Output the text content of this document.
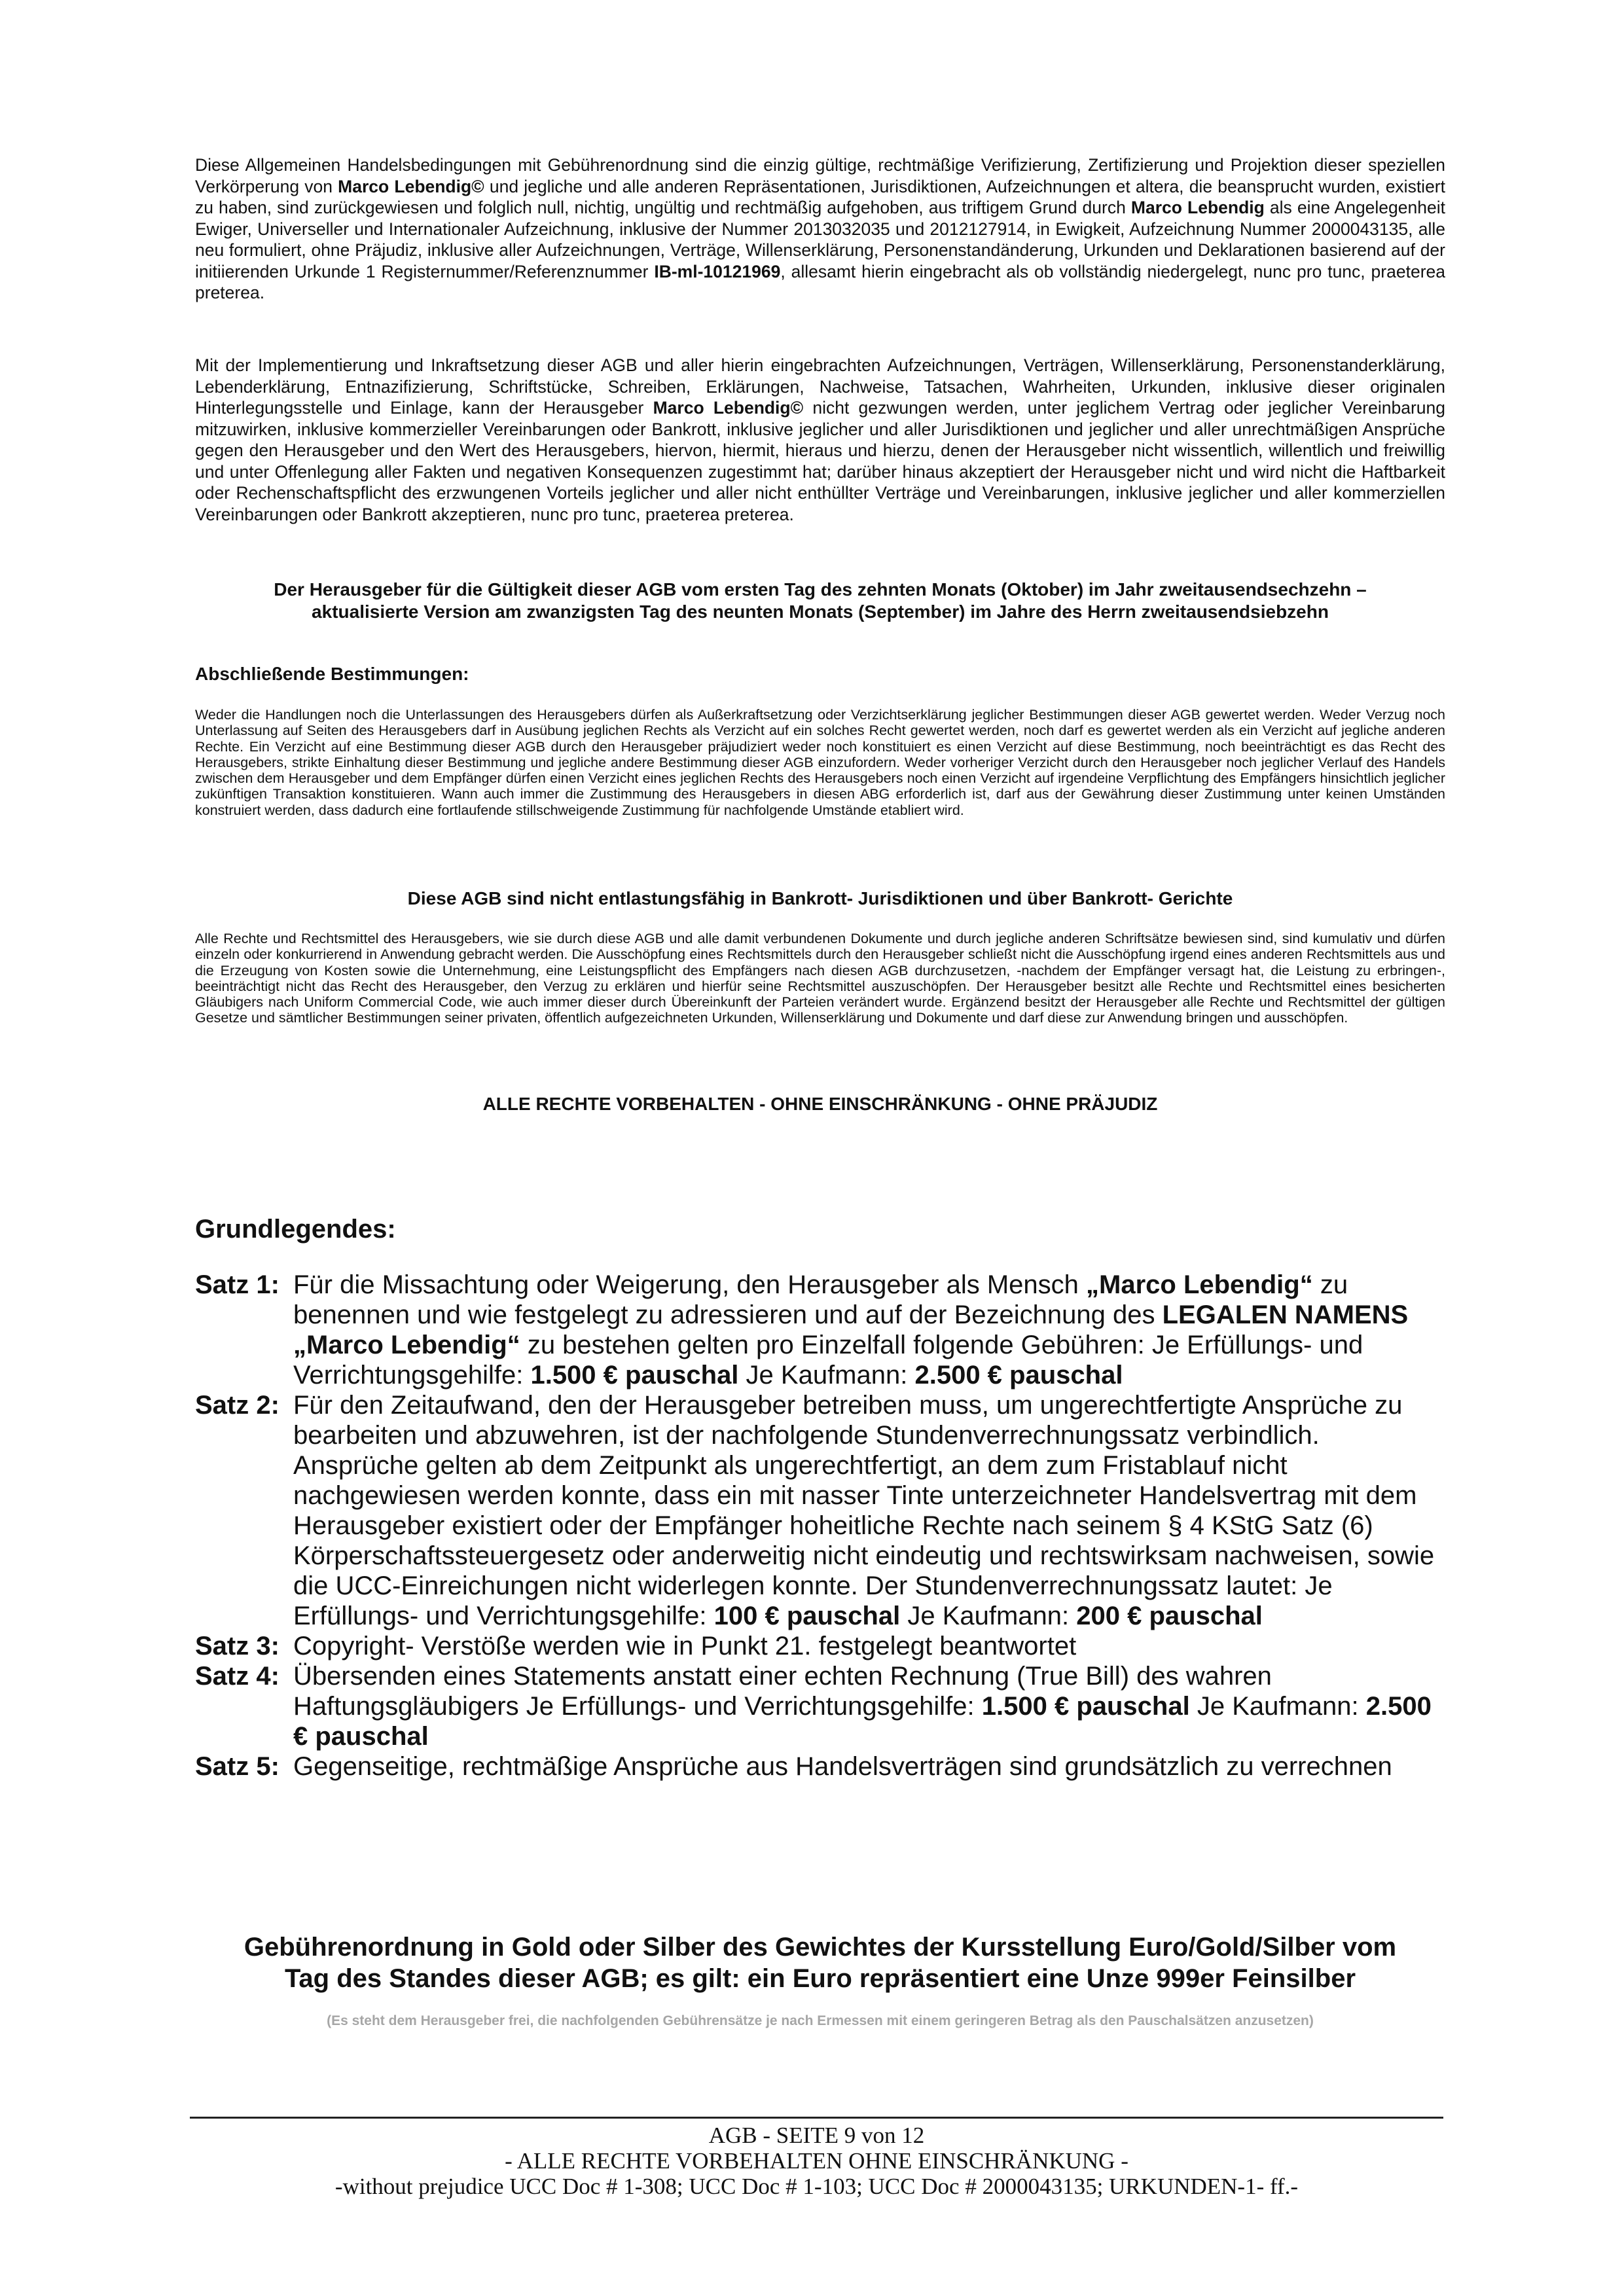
Diese Allgemeinen Handelsbedingungen mit Gebührenordnung sind die einzig gültige, rechtmäßige Verifizierung, Zertifizierung und Projektion dieser speziellen Verkörperung von Marco Lebendig© und jegliche und alle anderen Repräsentationen, Jurisdiktionen, Aufzeichnungen et altera, die beansprucht wurden, existiert zu haben, sind zurückgewiesen und folglich null, nichtig, ungültig und rechtmäßig aufgehoben, aus triftigem Grund durch Marco Lebendig als eine Angelegenheit Ewiger, Universeller und Internationaler Aufzeichnung, inklusive der Nummer 2013032035 und 2012127914, in Ewigkeit, Aufzeichnung Nummer 2000043135, alle neu formuliert, ohne Präjudiz, inklusive aller Aufzeichnungen, Verträge, Willenserklärung, Personenstandänderung, Urkunden und Deklarationen basierend auf der initiierenden Urkunde 1 Registernummer/Referenznummer IB-ml-10121969, allesamt hierin eingebracht als ob vollständig niedergelegt, nunc pro tunc, praeterea preterea.

Mit der Implementierung und Inkraftsetzung dieser AGB und aller hierin eingebrachten Aufzeichnungen, Verträgen, Willenserklärung, Personenstanderklärung, Lebenderklärung, Entnazifizierung, Schriftstücke, Schreiben, Erklärungen, Nachweise, Tatsachen, Wahrheiten, Urkunden, inklusive dieser originalen Hinterlegungsstelle und Einlage, kann der Herausgeber Marco Lebendig© nicht gezwungen werden, unter jeglichem Vertrag oder jeglicher Vereinbarung mitzuwirken, inklusive kommerzieller Vereinbarungen oder Bankrott, inklusive jeglicher und aller Jurisdiktionen und jeglicher und aller unrechtmäßigen Ansprüche gegen den Herausgeber und den Wert des Herausgebers, hiervon, hiermit, hieraus und hierzu, denen der Herausgeber nicht wissentlich, willentlich und freiwillig und unter Offenlegung aller Fakten und negativen Konsequenzen zugestimmt hat; darüber hinaus akzeptiert der Herausgeber nicht und wird nicht die Haftbarkeit oder Rechenschaftspflicht des erzwungenen Vorteils jeglicher und aller nicht enthüllter Verträge und Vereinbarungen, inklusive jeglicher und aller kommerziellen Vereinbarungen oder Bankrott akzeptieren, nunc pro tunc, praeterea preterea.

Der Herausgeber für die Gültigkeit dieser AGB vom ersten Tag des zehnten Monats (Oktober) im Jahr zweitausendsechzehn –
aktualisierte Version am zwanzigsten Tag des neunten Monats (September) im Jahre des Herrn zweitausendsiebzehn
Abschließende Bestimmungen:

Weder die Handlungen noch die Unterlassungen des Herausgebers dürfen als Außerkraftsetzung oder Verzichtserklärung jeglicher Bestimmungen dieser AGB gewertet werden. Weder Verzug noch Unterlassung auf Seiten des Herausgebers darf in Ausübung jeglichen Rechts als Verzicht auf ein solches Recht gewertet werden, noch darf es gewertet werden als ein Verzicht auf jegliche anderen Rechte. Ein Verzicht auf eine Bestimmung dieser AGB durch den Herausgeber präjudiziert weder noch konstituiert es einen Verzicht auf diese Bestimmung, noch beeinträchtigt es das Recht des Herausgebers, strikte Einhaltung dieser Bestimmung und jegliche andere Bestimmung dieser AGB einzufordern. Weder vorheriger Verzicht durch den Herausgeber noch jeglicher Verlauf des Handels zwischen dem Herausgeber und dem Empfänger dürfen einen Verzicht eines jeglichen Rechts des Herausgebers noch einen Verzicht auf irgendeine Verpflichtung des Empfängers hinsichtlich jeglicher zukünftigen Transaktion konstituieren. Wann auch immer die Zustimmung des Herausgebers in diesen ABG erforderlich ist, darf aus der Gewährung dieser Zustimmung unter keinen Umständen konstruiert werden, dass dadurch eine fortlaufende stillschweigende Zustimmung für nachfolgende Umstände etabliert wird.

Diese AGB sind nicht entlastungsfähig in Bankrott- Jurisdiktionen und über Bankrott- Gerichte

Alle Rechte und Rechtsmittel des Herausgebers, wie sie durch diese AGB und alle damit verbundenen Dokumente und durch jegliche anderen Schriftsätze bewiesen sind, sind kumulativ und dürfen einzeln oder konkurrierend in Anwendung gebracht werden. Die Ausschöpfung eines Rechtsmittels durch den Herausgeber schließt nicht die Ausschöpfung irgend eines anderen Rechtsmittels aus und die Erzeugung von Kosten sowie die Unternehmung, eine Leistungspflicht des Empfängers nach diesen AGB durchzusetzen, -nachdem der Empfänger versagt hat, die Leistung zu erbringen-, beeinträchtigt nicht das Recht des Herausgeber, den Verzug zu erklären und hierfür seine Rechtsmittel auszuschöpfen. Der Herausgeber besitzt alle Rechte und Rechtsmittel eines besicherten Gläubigers nach Uniform Commercial Code, wie auch immer dieser durch Übereinkunft der Parteien verändert wurde. Ergänzend besitzt der Herausgeber alle Rechte und Rechtsmittel der gültigen Gesetze und sämtlicher Bestimmungen seiner privaten, öffentlich aufgezeichneten Urkunden, Willenserklärung und Dokumente und darf diese zur Anwendung bringen und ausschöpfen.

ALLE RECHTE VORBEHALTEN - OHNE EINSCHRÄNKUNG - OHNE PRÄJUDIZ
Grundlegendes:
Satz 1: Für die Missachtung oder Weigerung, den Herausgeber als Mensch „Marco Lebendig“ zu benennen und wie festgelegt zu adressieren und auf der Bezeichnung des LEGALEN NAMENS „Marco Lebendig“ zu bestehen gelten pro Einzelfall folgende Gebühren: Je Erfüllungs- und Verrichtungsgehilfe: 1.500 € pauschal Je Kaufmann: 2.500 € pauschal
Satz 2: Für den Zeitaufwand, den der Herausgeber betreiben muss, um ungerechtfertigte Ansprüche zu bearbeiten und abzuwehren, ist der nachfolgende Stundenverrechnungssatz verbindlich. Ansprüche gelten ab dem Zeitpunkt als ungerechtfertigt, an dem zum Fristablauf nicht nachgewiesen werden konnte, dass ein mit nasser Tinte unterzeichneter Handelsvertrag mit dem Herausgeber existiert oder der Empfänger hoheitliche Rechte nach seinem § 4 KStG Satz (6) Körperschaftssteuergesetz oder anderweitig nicht eindeutig und rechtswirksam nachweisen, sowie die UCC-Einreichungen nicht widerlegen konnte. Der Stundenverrechnungssatz lautet: Je Erfüllungs- und Verrichtungsgehilfe: 100 € pauschal Je Kaufmann: 200 € pauschal
Satz 3: Copyright- Verstöße werden wie in Punkt 21. festgelegt beantwortet
Satz 4: Übersenden eines Statements anstatt einer echten Rechnung (True Bill) des wahren Haftungsgläubigers Je Erfüllungs- und Verrichtungsgehilfe: 1.500 € pauschal Je Kaufmann: 2.500 € pauschal
Satz 5: Gegenseitige, rechtmäßige Ansprüche aus Handelsverträgen sind grundsätzlich zu verrechnen
Gebührenordnung in Gold oder Silber des Gewichtes der Kursstellung Euro/Gold/Silber vom
Tag des Standes dieser AGB; es gilt: ein Euro repräsentiert eine Unze 999er Feinsilber
(Es steht dem Herausgeber frei, die nachfolgenden Gebührensätze je nach Ermessen mit einem geringeren Betrag als den Pauschalsätzen anzusetzen)
AGB - SEITE 9 von 12
- ALLE RECHTE VORBEHALTEN OHNE EINSCHRÄNKUNG -
-without prejudice UCC Doc # 1-308; UCC Doc # 1-103; UCC Doc # 2000043135; URKUNDEN-1- ff.-
